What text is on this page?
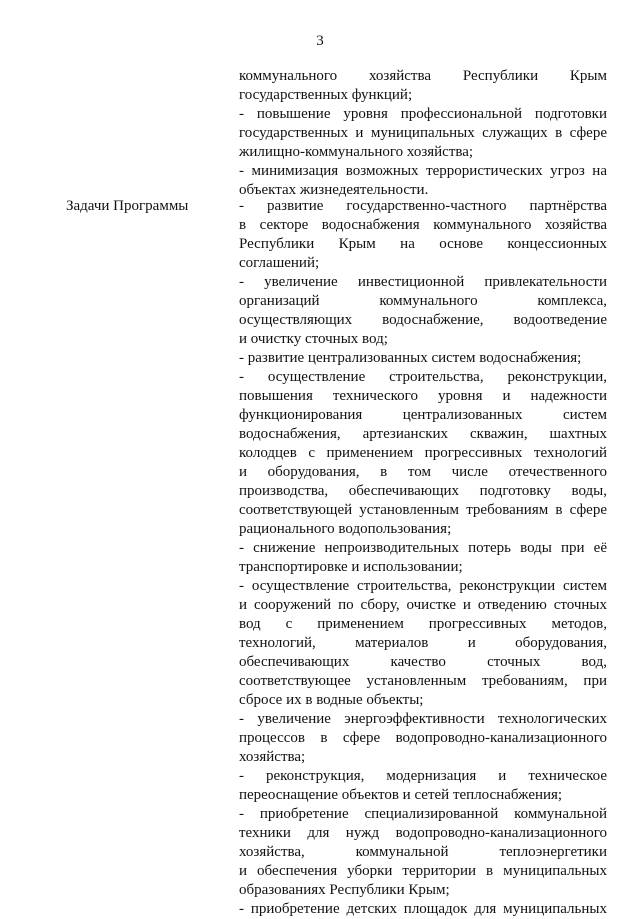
3
коммунального хозяйства Республики Крым
государственных функций;
- повышение уровня профессиональной подготовки
государственных и муниципальных служащих в сфере
жилищно-коммунального хозяйства;
- минимизация возможных террористических угроз на
объектах жизнедеятельности.
Задачи Программы	- развитие государственно-частного партнёрства
в секторе водоснабжения коммунального хозяйства
Республики Крым на основе концессионных
соглашений;
- увеличение инвестиционной привлекательности
организаций коммунального комплекса,
осуществляющих водоснабжение, водоотведение
и очистку сточных вод;
- развитие централизованных систем водоснабжения;
- осуществление строительства, реконструкции,
повышения технического уровня и надежности
функционирования централизованных систем
водоснабжения, артезианских скважин, шахтных
колодцев с применением прогрессивных технологий
и оборудования, в том числе отечественного
производства, обеспечивающих подготовку воды,
соответствующей установленным требованиям в сфере
рационального водопользования;
- снижение непроизводительных потерь воды при её
транспортировке и использовании;
- осуществление строительства, реконструкции систем
и сооружений по сбору, очистке и отведению сточных
вод с применением прогрессивных методов,
технологий, материалов и оборудования,
обеспечивающих качество сточных вод,
соответствующее установленным требованиям, при
сбросе их в водные объекты;
- увеличение энергоэффективности технологических
процессов в сфере водопроводно-канализационного
хозяйства;
- реконструкция, модернизация и техническое
переоснащение объектов и сетей теплоснабжения;
- приобретение специализированной коммунальной
техники для нужд водопроводно-канализационного
хозяйства, коммунальной теплоэнергетики
и обеспечения уборки территории в муниципальных
образованиях Республики Крым;
- приобретение детских площадок для муниципальных
